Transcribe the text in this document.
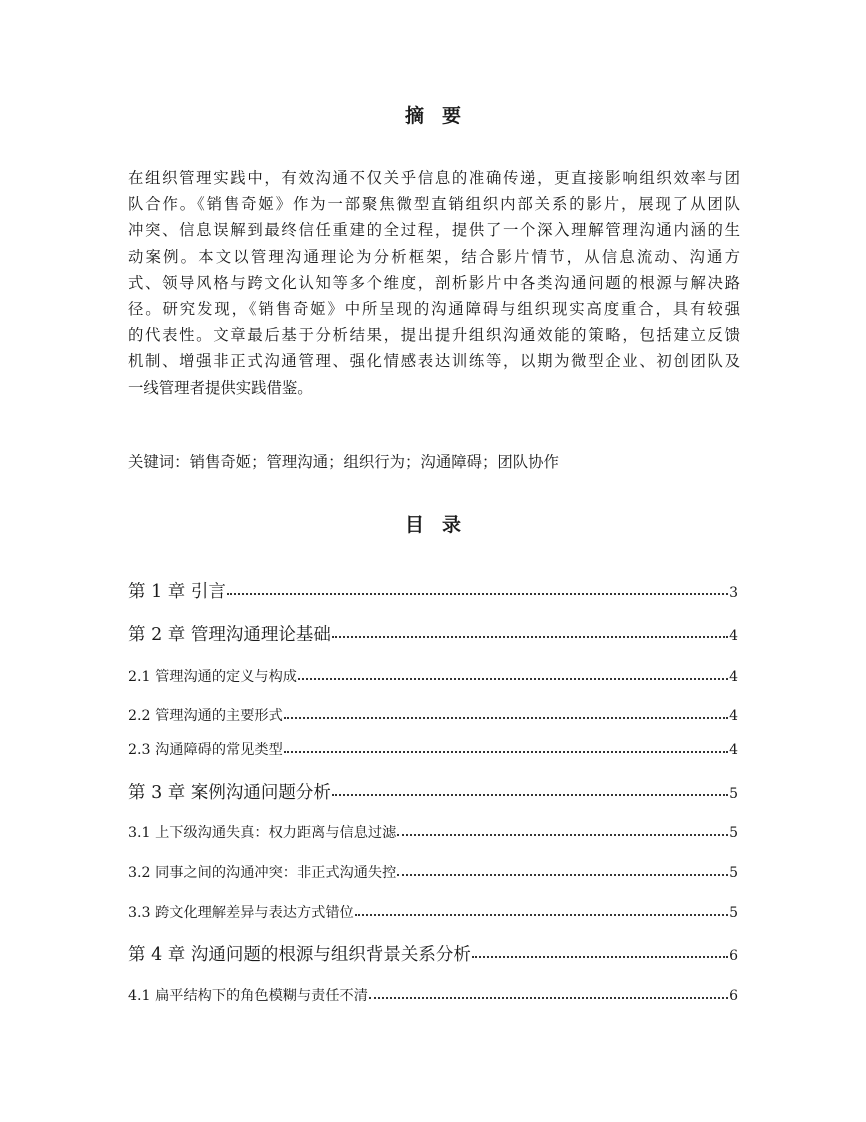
摘要
在组织管理实践中，有效沟通不仅关乎信息的准确传递，更直接影响组织效率与团
队合作。《销售奇姬》作为一部聚焦微型直销组织内部关系的影片，展现了从团队
冲突、信息误解到最终信任重建的全过程，提供了一个深入理解管理沟通内涵的生
动案例。本文以管理沟通理论为分析框架，结合影片情节，从信息流动、沟通方
式、领导风格与跨文化认知等多个维度，剖析影片中各类沟通问题的根源与解决路
径。研究发现，《销售奇姬》中所呈现的沟通障碍与组织现实高度重合，具有较强
的代表性。文章最后基于分析结果，提出提升组织沟通效能的策略，包括建立反馈
机制、增强非正式沟通管理、强化情感表达训练等，以期为微型企业、初创团队及
一线管理者提供实践借鉴。
关键词：销售奇姬；管理沟通；组织行为；沟通障碍；团队协作
目录
第 1 章 引言	3
第 2 章 管理沟通理论基础	4
2.1 管理沟通的定义与构成	4
2.2 管理沟通的主要形式	4
2.3 沟通障碍的常见类型	4
第 3 章 案例沟通问题分析	5
3.1 上下级沟通失真：权力距离与信息过滤	5
3.2 同事之间的沟通冲突：非正式沟通失控	5
3.3 跨文化理解差异与表达方式错位	5
第 4 章 沟通问题的根源与组织背景关系分析	6
4.1 扁平结构下的角色模糊与责任不清	6
